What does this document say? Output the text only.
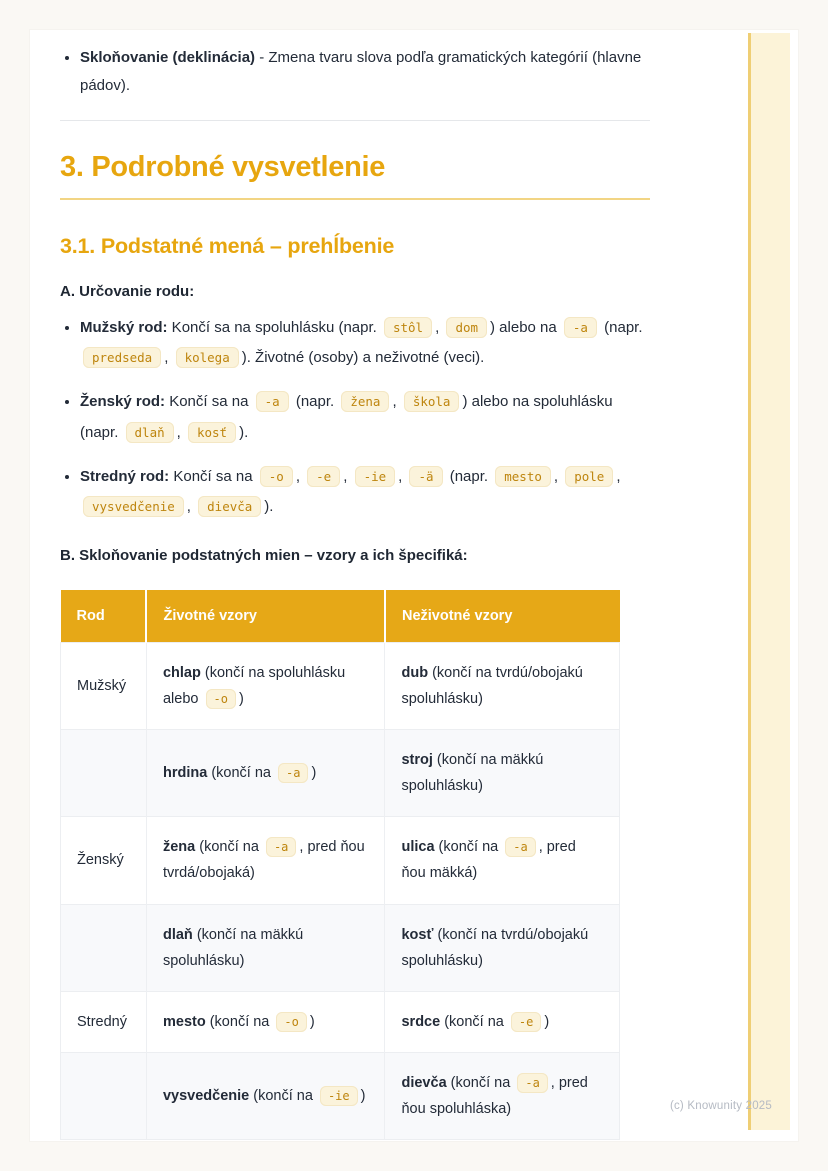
• Skloňovanie (deklinácia) - Zmena tvaru slova podľa gramatických kategórií (hlavne pádov).
3. Podrobné vysvetlenie
3.1. Podstatné mená – prehĺbenie

A. Určovanie rodu:

• Mužský rod: Končí sa na spoluhlásku (napr. stôl , dom ) alebo na -a (napr. predseda , kolega ). Životné (osoby) a neživotné (veci).
• Ženský rod: Končí sa na -a (napr. žena , škola ) alebo na spoluhlásku (napr. dlaň , kosť ).
• Stredný rod: Končí sa na -o , -e , -ie , -ä (napr. mesto , pole , vysvedčenie , dievča ).

B. Skloňovanie podstatných mien – vzory a ich špecifiká:

Rod	Životné vzory	Neživotné vzory
Mužský	chlap (končí na spoluhlásku alebo -o )	dub (končí na tvrdú/obojakú spoluhlásku)
	hrdina (končí na -a )	stroj (končí na mäkkú spoluhlásku)
Ženský	žena (končí na -a , pred ňou tvrdá/obojaká)	ulica (končí na -a , pred ňou mäkká)
	dlaň (končí na mäkkú spoluhlásku)	kosť (končí na tvrdú/obojakú spoluhlásku)
Stredný	mesto (končí na -o )	srdce (končí na -e )
	vysvedčenie (končí na -ie )	dievča (končí na -a , pred ňou spoluhláska)	(c) Knowunity 2025
